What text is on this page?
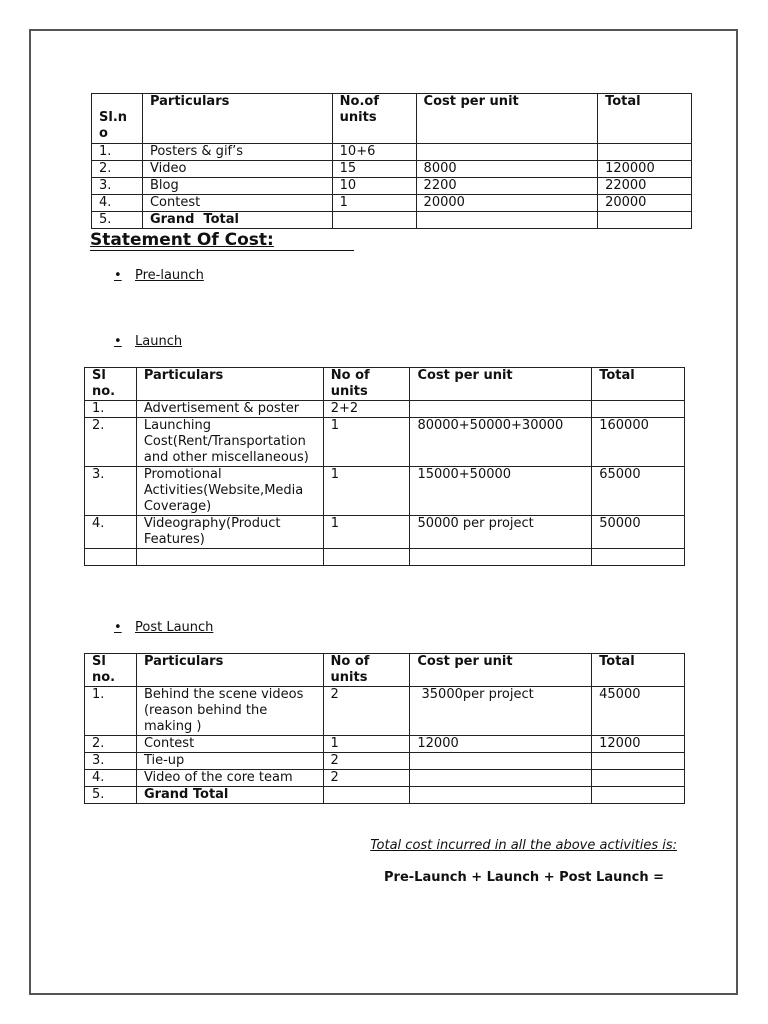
Sl.n o	Particulars	No.of units	Cost per unit	Total
1.	Posters & gif’s	10+6		
2.	Video	15	8000	120000
3.	Blog	10	2200	22000
4.	Contest	1	20000	20000
5.	Grand  Total			
Statement Of Cost:
• Pre-launch
• Launch
Sl no.	Particulars	No of units	Cost per unit	Total
1.	Advertisement & poster	2+2		
2.	Launching Cost(Rent/Transportation and other miscellaneous)	1	80000+50000+30000	160000
3.	Promotional Activities(Website,Media Coverage)	1	15000+50000	65000
4.	Videography(Product Features)	1	50000 per project	50000

• Post Launch
Sl no.	Particulars	No of units	Cost per unit	Total
1.	Behind the scene videos (reason behind the making )	2	35000per project	45000
2.	Contest	1	12000	12000
3.	Tie-up	2		
4.	Video of the core team	2		
5.	Grand Total			
Total cost incurred in all the above activities is:
Pre-Launch + Launch + Post Launch =
